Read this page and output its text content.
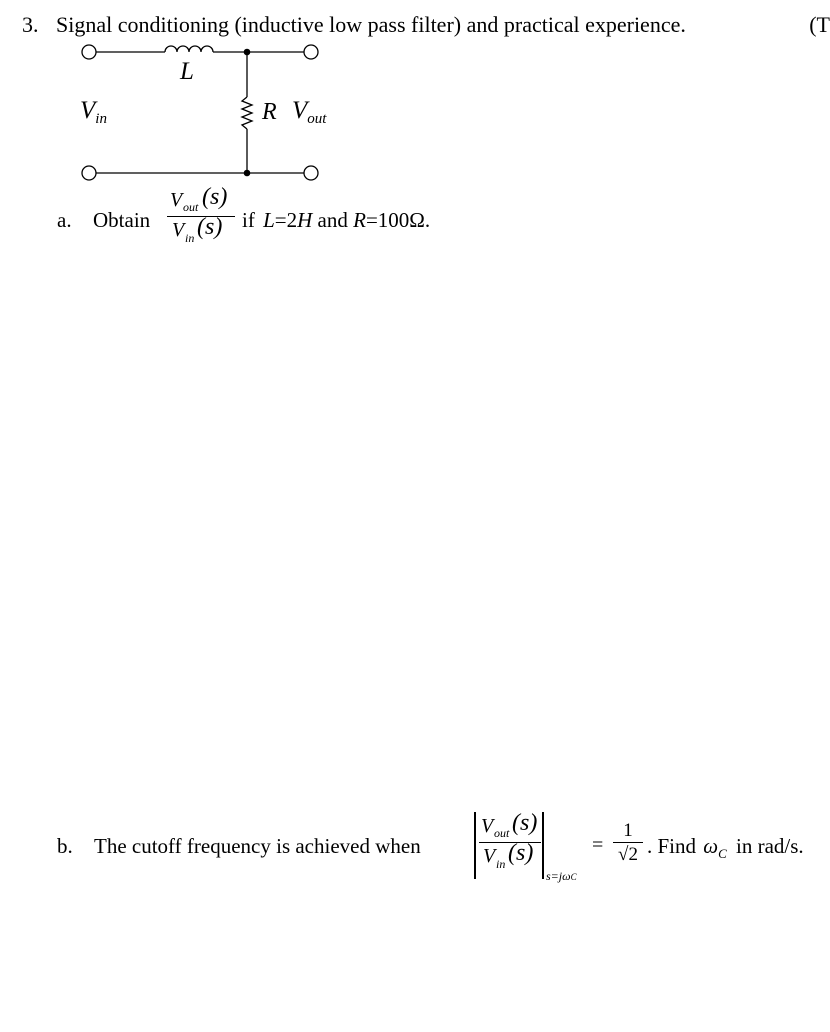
3. Signal conditioning (inductive low pass filter) and practical experience.	(T
L
Vin	R Vout
a. Obtain
V out (s)
V in (s) if L=2H and R=100Ω.
b. The cutoff frequency is achieved when
V out (s)
V in (s)
s=jωC
=
1
√2 . Find $\omega_C$ in rad/s.
